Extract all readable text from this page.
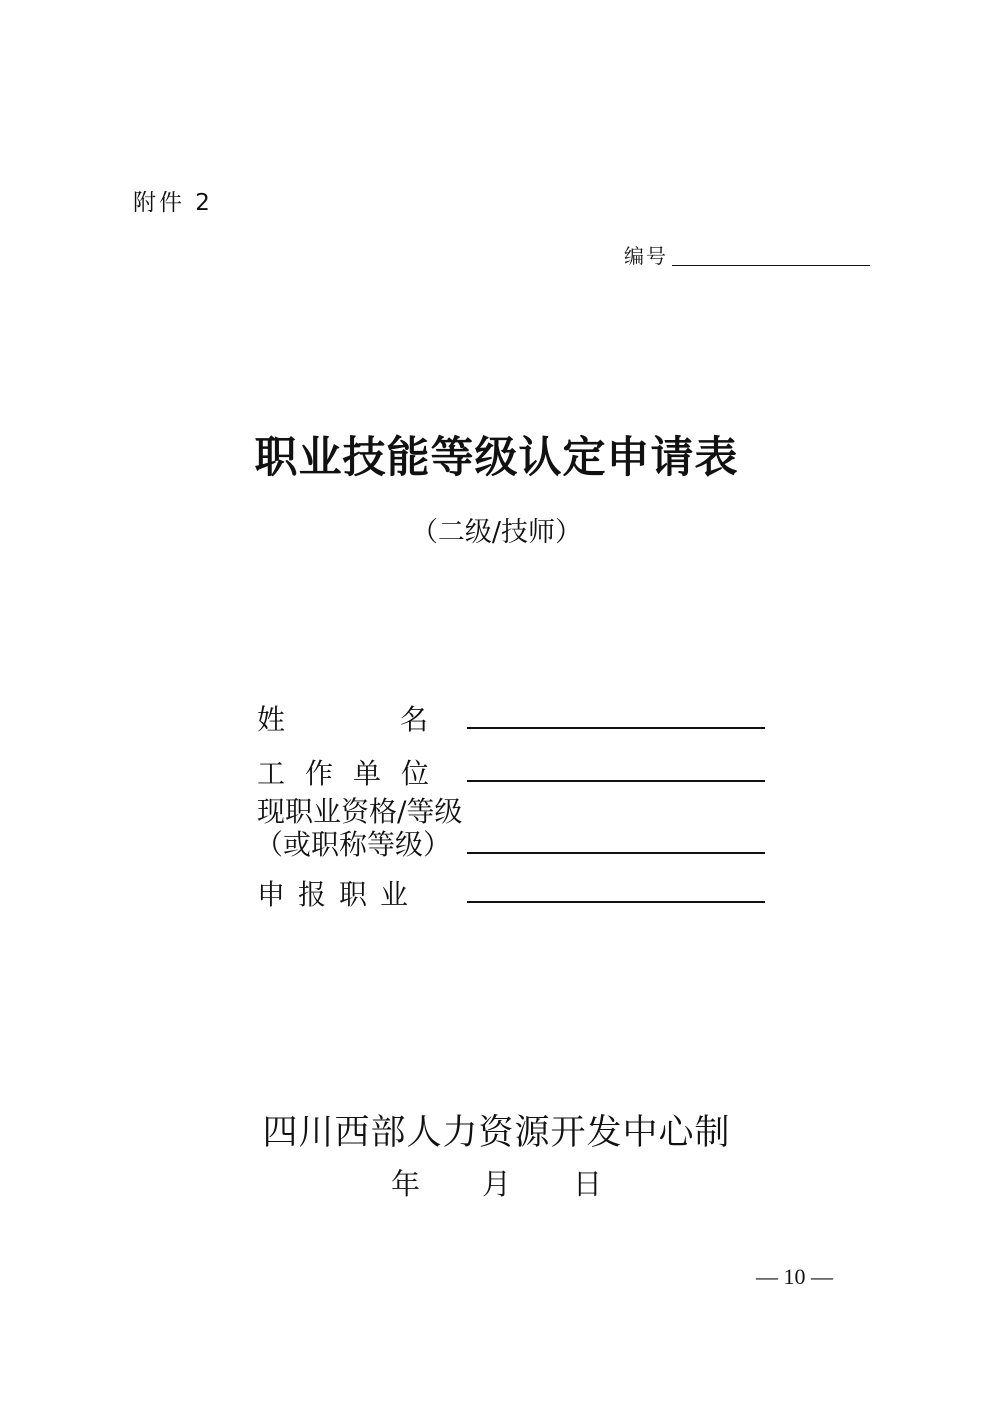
附件 2
编号
职业技能等级认定申请表
（二级/技师）
姓名
工作单位
现职业资格/等级
（或职称等级）
申报职业
四川西部人力资源开发中心制
年月日
— 10 —
